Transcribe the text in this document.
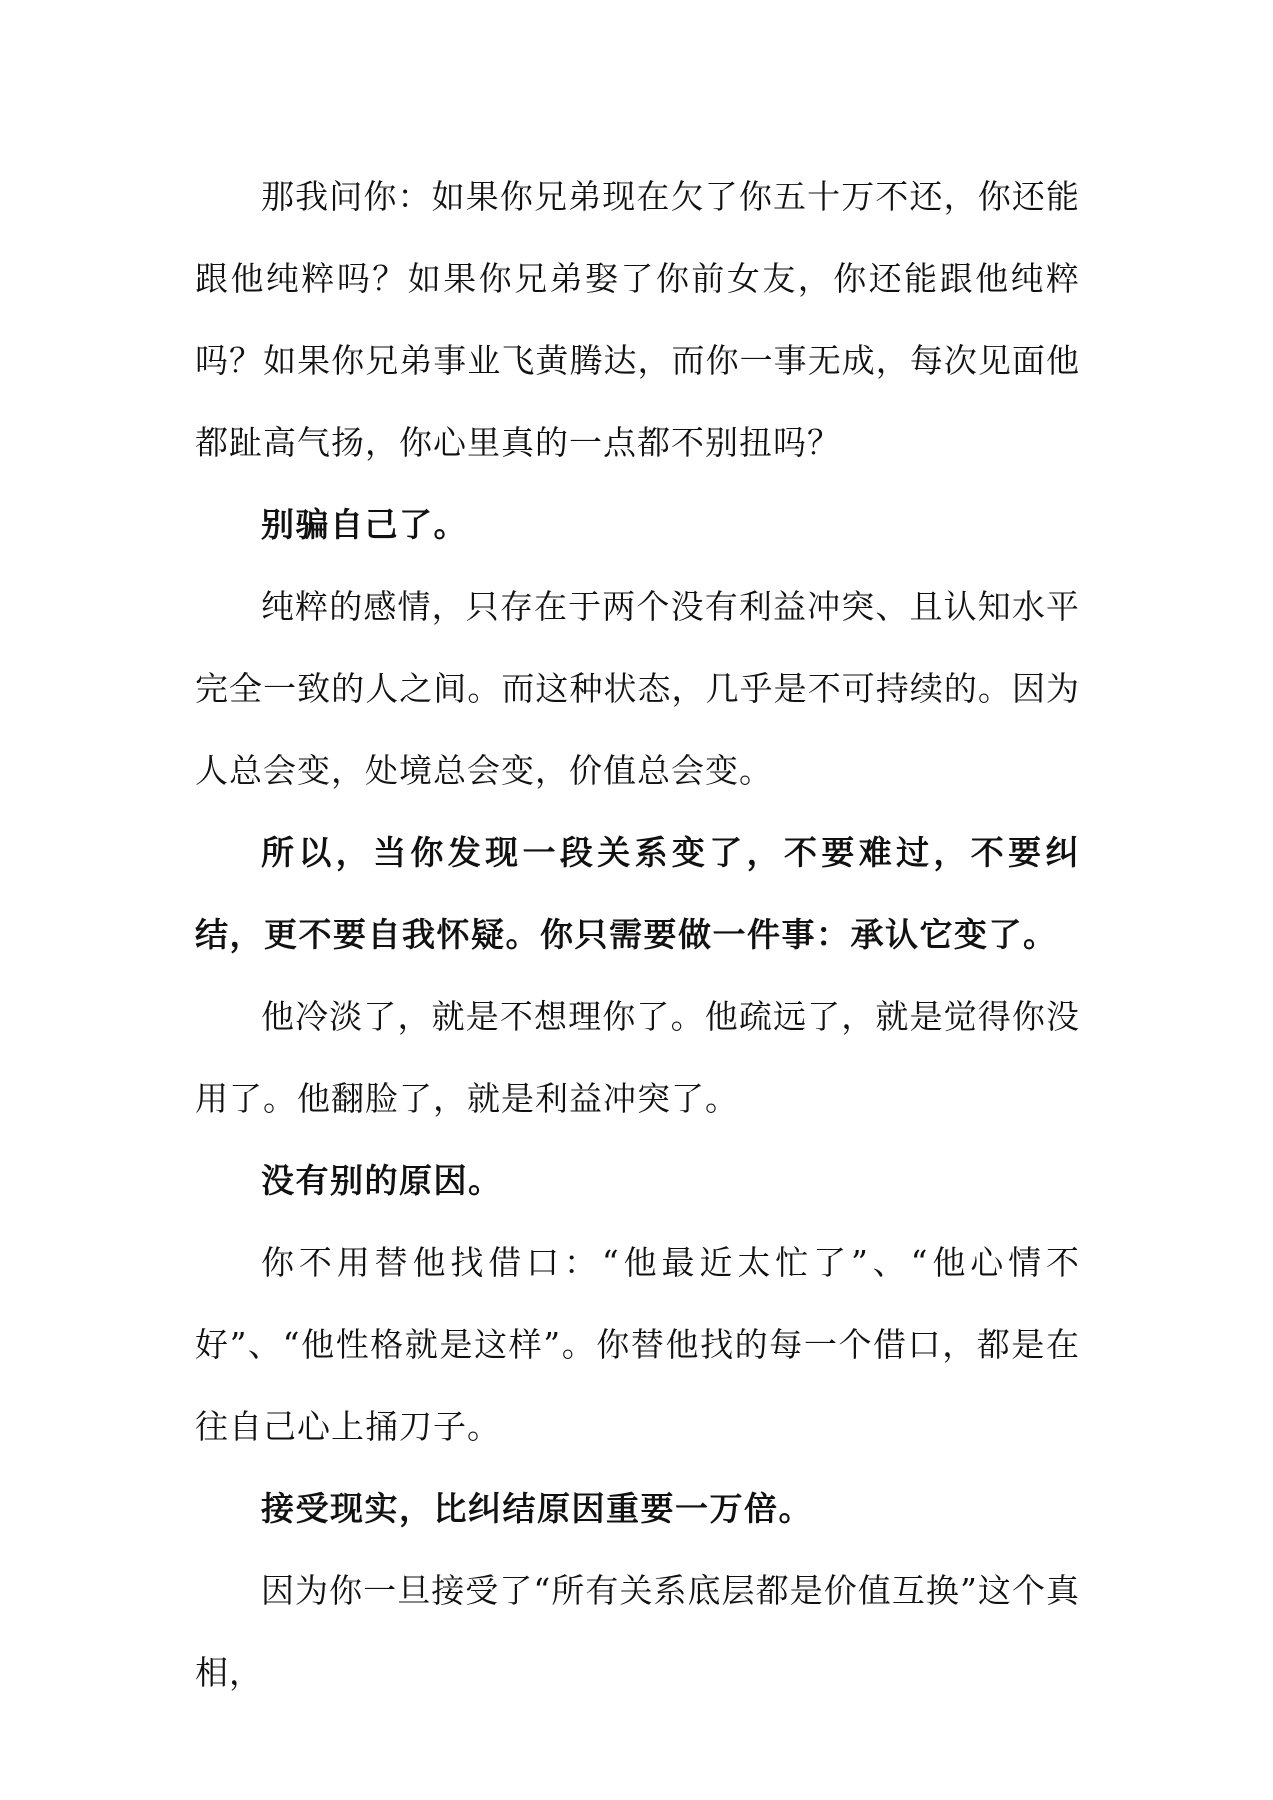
那我问你：如果你兄弟现在欠了你五十万不还，你还能跟他纯粹吗？如果你兄弟娶了你前女友，你还能跟他纯粹吗？如果你兄弟事业飞黄腾达，而你一事无成，每次见面他都趾高气扬，你心里真的一点都不别扭吗？

别骗自己了。

纯粹的感情，只存在于两个没有利益冲突、且认知水平完全一致的人之间。而这种状态，几乎是不可持续的。因为人总会变，处境总会变，价值总会变。

所以，当你发现一段关系变了，不要难过，不要纠结，更不要自我怀疑。你只需要做一件事：承认它变了。

他冷淡了，就是不想理你了。他疏远了，就是觉得你没用了。他翻脸了，就是利益冲突了。

没有别的原因。

你不用替他找借口：“他最近太忙了”、“他心情不好”、“他性格就是这样”。你替他找的每一个借口，都是在往自己心上捅刀子。

接受现实，比纠结原因重要一万倍。

因为你一旦接受了“所有关系底层都是价值互换”这个真相，
